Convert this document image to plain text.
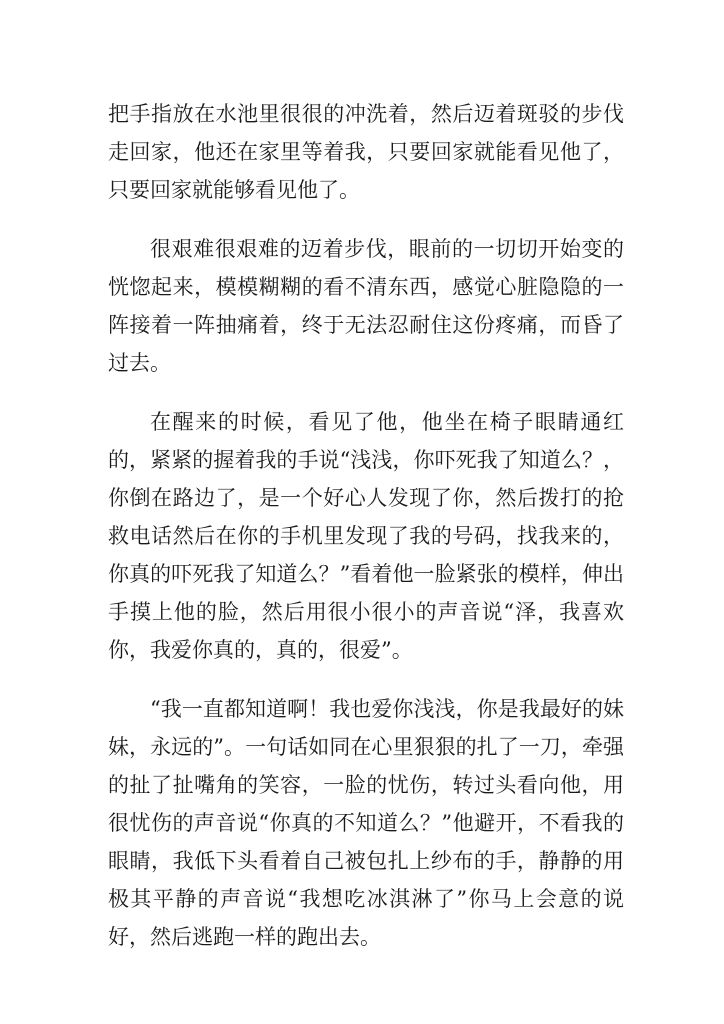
把手指放在水池里很很的冲洗着，然后迈着斑驳的步伐走回家，他还在家里等着我，只要回家就能看见他了，只要回家就能够看见他了。

很艰难很艰难的迈着步伐，眼前的一切切开始变的恍惚起来，模模糊糊的看不清东西，感觉心脏隐隐的一阵接着一阵抽痛着，终于无法忍耐住这份疼痛，而昏了过去。

在醒来的时候，看见了他，他坐在椅子眼睛通红的，紧紧的握着我的手说“浅浅，你吓死我了知道么？，你倒在路边了，是一个好心人发现了你，然后拨打的抢救电话然后在你的手机里发现了我的号码，找我来的，你真的吓死我了知道么？”看着他一脸紧张的模样，伸出手摸上他的脸，然后用很小很小的声音说“泽，我喜欢你，我爱你真的，真的，很爱”。

“我一直都知道啊！我也爱你浅浅，你是我最好的妹妹，永远的”。一句话如同在心里狠狠的扎了一刀，牵强的扯了扯嘴角的笑容，一脸的忧伤，转过头看向他，用很忧伤的声音说“你真的不知道么？”他避开，不看我的眼睛，我低下头看着自己被包扎上纱布的手，静静的用极其平静的声音说“我想吃冰淇淋了”你马上会意的说好，然后逃跑一样的跑出去。
